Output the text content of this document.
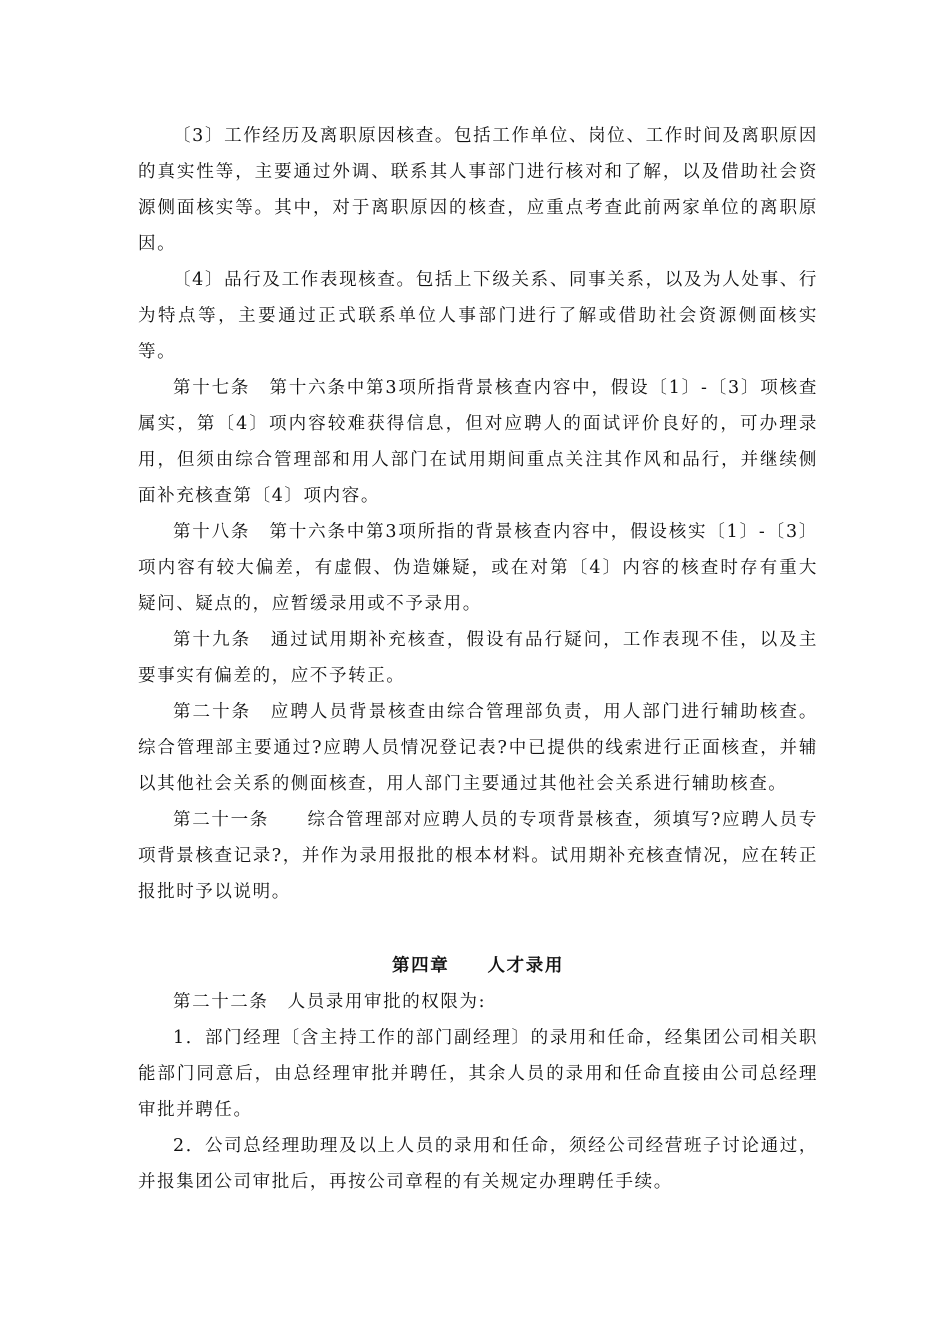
〔3〕工作经历及离职原因核查。包括工作单位、岗位、工作时间及离职原因的真实性等，主要通过外调、联系其人事部门进行核对和了解，以及借助社会资源侧面核实等。其中，对于离职原因的核查，应重点考查此前两家单位的离职原因。

〔4〕品行及工作表现核查。包括上下级关系、同事关系，以及为人处事、行为特点等，主要通过正式联系单位人事部门进行了解或借助社会资源侧面核实等。

第十七条　第十六条中第3项所指背景核查内容中，假设〔1〕-〔3〕项核查属实，第〔4〕项内容较难获得信息，但对应聘人的面试评价良好的，可办理录用，但须由综合管理部和用人部门在试用期间重点关注其作风和品行，并继续侧面补充核查第〔4〕项内容。

第十八条　第十六条中第3项所指的背景核查内容中，假设核实〔1〕-〔3〕项内容有较大偏差，有虚假、伪造嫌疑，或在对第〔4〕内容的核查时存有重大疑问、疑点的，应暂缓录用或不予录用。

第十九条　通过试用期补充核查，假设有品行疑问，工作表现不佳，以及主要事实有偏差的，应不予转正。

第二十条　应聘人员背景核查由综合管理部负责，用人部门进行辅助核查。综合管理部主要通过?应聘人员情况登记表?中已提供的线索进行正面核查，并辅以其他社会关系的侧面核查，用人部门主要通过其他社会关系进行辅助核查。

第二十一条　　综合管理部对应聘人员的专项背景核查，须填写?应聘人员专项背景核查记录?，并作为录用报批的根本材料。试用期补充核查情况，应在转正报批时予以说明。

第四章　　人才录用

第二十二条　人员录用审批的权限为:

1．部门经理〔含主持工作的部门副经理〕的录用和任命，经集团公司相关职能部门同意后，由总经理审批并聘任，其余人员的录用和任命直接由公司总经理审批并聘任。

2．公司总经理助理及以上人员的录用和任命，须经公司经营班子讨论通过，并报集团公司审批后，再按公司章程的有关规定办理聘任手续。
